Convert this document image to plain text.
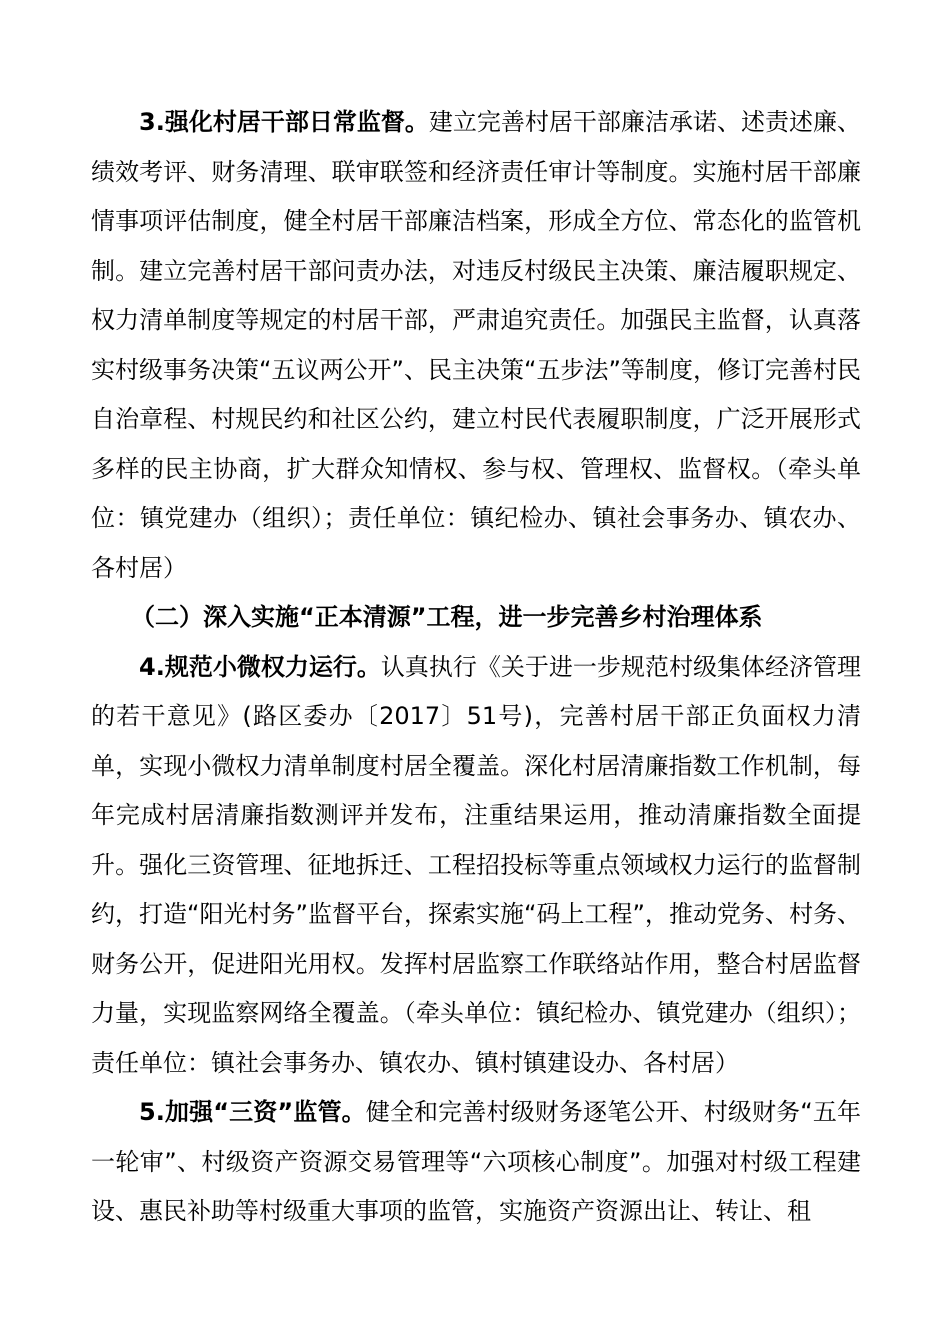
3.强化村居干部日常监督。建立完善村居干部廉洁承诺、述责述廉、绩效考评、财务清理、联审联签和经济责任审计等制度。实施村居干部廉情事项评估制度，健全村居干部廉洁档案，形成全方位、常态化的监管机制。建立完善村居干部问责办法，对违反村级民主决策、廉洁履职规定、权力清单制度等规定的村居干部，严肃追究责任。加强民主监督，认真落实村级事务决策“五议两公开”、民主决策“五步法”等制度，修订完善村民自治章程、村规民约和社区公约，建立村民代表履职制度，广泛开展形式多样的民主协商，扩大群众知情权、参与权、管理权、监督权。（牵头单位：镇党建办（组织）；责任单位：镇纪检办、镇社会事务办、镇农办、各村居）

（二）深入实施“正本清源”工程，进一步完善乡村治理体系

4.规范小微权力运行。认真执行《关于进一步规范村级集体经济管理的若干意见》(路区委办〔2017〕51号)，完善村居干部正负面权力清单，实现小微权力清单制度村居全覆盖。深化村居清廉指数工作机制，每年完成村居清廉指数测评并发布，注重结果运用，推动清廉指数全面提升。强化三资管理、征地拆迁、工程招投标等重点领域权力运行的监督制约，打造“阳光村务”监督平台，探索实施“码上工程”，推动党务、村务、财务公开，促进阳光用权。发挥村居监察工作联络站作用，整合村居监督力量，实现监察网络全覆盖。（牵头单位：镇纪检办、镇党建办（组织）；责任单位：镇社会事务办、镇农办、镇村镇建设办、各村居）

5.加强“三资”监管。健全和完善村级财务逐笔公开、村级财务“五年一轮审”、村级资产资源交易管理等“六项核心制度”。加强对村级工程建设、惠民补助等村级重大事项的监管，实施资产资源出让、转让、租
